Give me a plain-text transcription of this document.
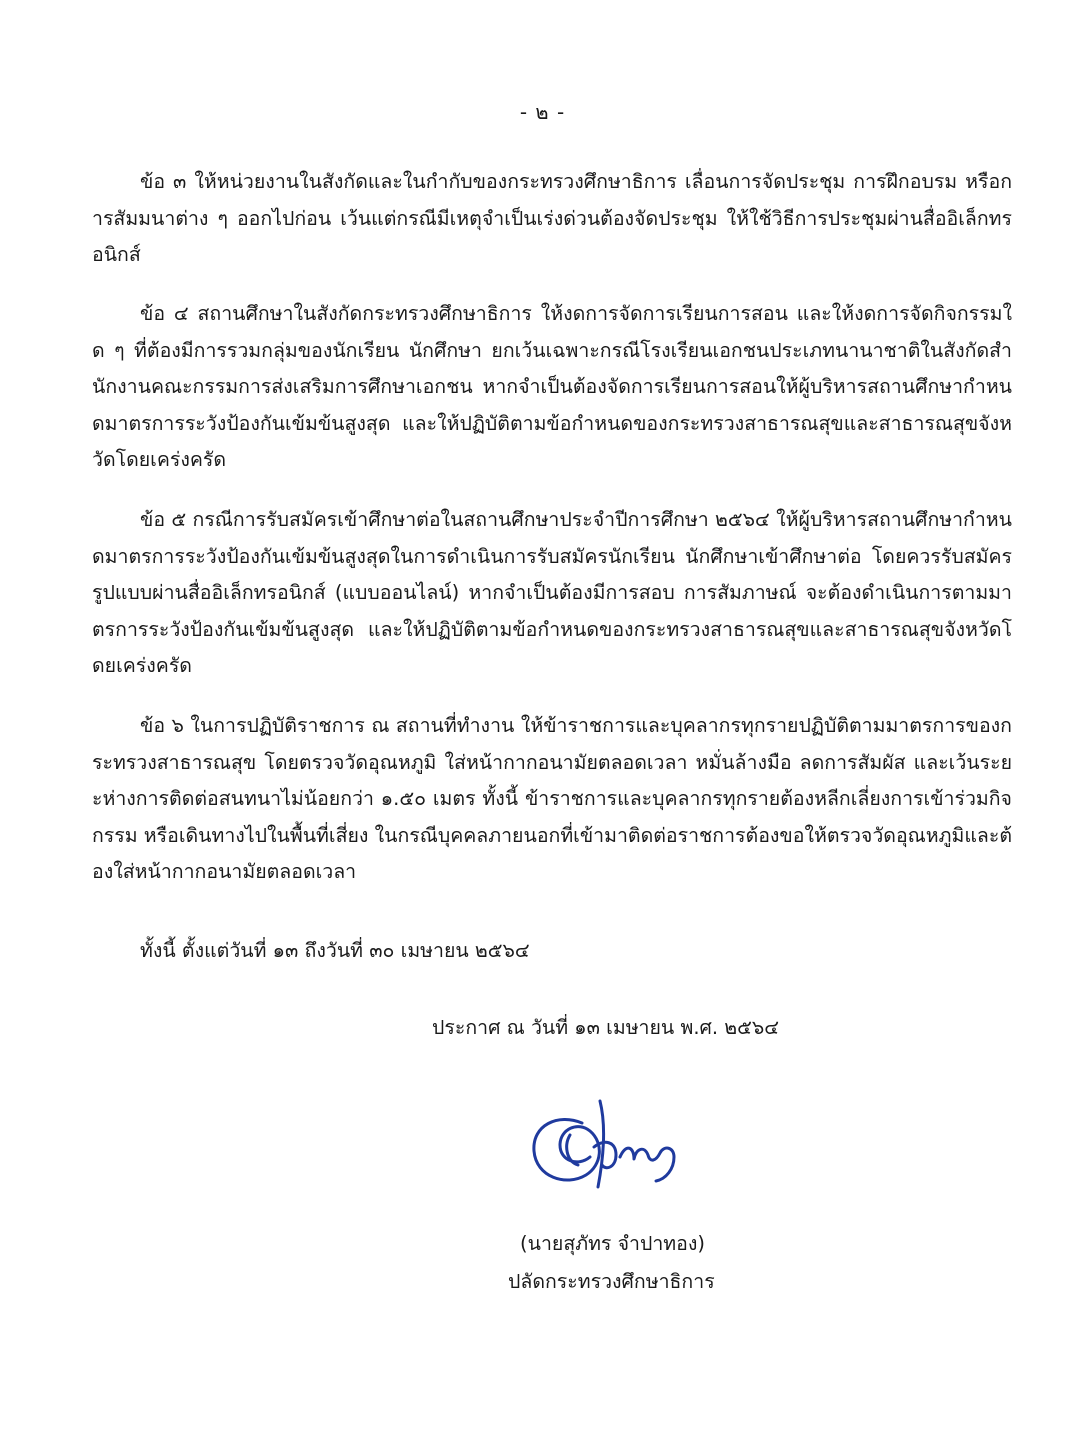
- ๒ -

ข้อ ๓ ให้หน่วยงานในสังกัดและในกำกับของกระทรวงศึกษาธิการ เลื่อนการจัดประชุม การฝึกอบรม หรือการสัมมนาต่าง ๆ ออกไปก่อน เว้นแต่กรณีมีเหตุจำเป็นเร่งด่วนต้องจัดประชุม ให้ใช้วิธีการประชุมผ่านสื่ออิเล็กทรอนิกส์

ข้อ ๔ สถานศึกษาในสังกัดกระทรวงศึกษาธิการ ให้งดการจัดการเรียนการสอน และให้งดการจัดกิจกรรมใด ๆ ที่ต้องมีการรวมกลุ่มของนักเรียน นักศึกษา ยกเว้นเฉพาะกรณีโรงเรียนเอกชนประเภทนานาชาติในสังกัดสำนักงานคณะกรรมการส่งเสริมการศึกษาเอกชน หากจำเป็นต้องจัดการเรียนการสอนให้ผู้บริหารสถานศึกษากำหนดมาตรการระวังป้องกันเข้มข้นสูงสุด และให้ปฏิบัติตามข้อกำหนดของกระทรวงสาธารณสุขและสาธารณสุขจังหวัดโดยเคร่งครัด

ข้อ ๕ กรณีการรับสมัครเข้าศึกษาต่อในสถานศึกษาประจำปีการศึกษา ๒๕๖๔ ให้ผู้บริหารสถานศึกษากำหนดมาตรการระวังป้องกันเข้มข้นสูงสุดในการดำเนินการรับสมัครนักเรียน นักศึกษาเข้าศึกษาต่อ โดยควรรับสมัครรูปแบบผ่านสื่ออิเล็กทรอนิกส์ (แบบออนไลน์) หากจำเป็นต้องมีการสอบ การสัมภาษณ์ จะต้องดำเนินการตามมาตรการระวังป้องกันเข้มข้นสูงสุด และให้ปฏิบัติตามข้อกำหนดของกระทรวงสาธารณสุขและสาธารณสุขจังหวัดโดยเคร่งครัด

ข้อ ๖ ในการปฏิบัติราชการ ณ สถานที่ทำงาน ให้ข้าราชการและบุคลากรทุกรายปฏิบัติตามมาตรการของกระทรวงสาธารณสุข โดยตรวจวัดอุณหภูมิ ใส่หน้ากากอนามัยตลอดเวลา หมั่นล้างมือ ลดการสัมผัส และเว้นระยะห่างการติดต่อสนทนาไม่น้อยกว่า ๑.๕๐ เมตร ทั้งนี้ ข้าราชการและบุคลากรทุกรายต้องหลีกเลี่ยงการเข้าร่วมกิจกรรม หรือเดินทางไปในพื้นที่เสี่ยง ในกรณีบุคคลภายนอกที่เข้ามาติดต่อราชการต้องขอให้ตรวจวัดอุณหภูมิและต้องใส่หน้ากากอนามัยตลอดเวลา

ทั้งนี้ ตั้งแต่วันที่ ๑๓ ถึงวันที่ ๓๐ เมษายน ๒๕๖๔

ประกาศ ณ วันที่ ๑๓ เมษายน พ.ศ. ๒๕๖๔
(นายสุภัทร จำปาทอง)
ปลัดกระทรวงศึกษาธิการ
